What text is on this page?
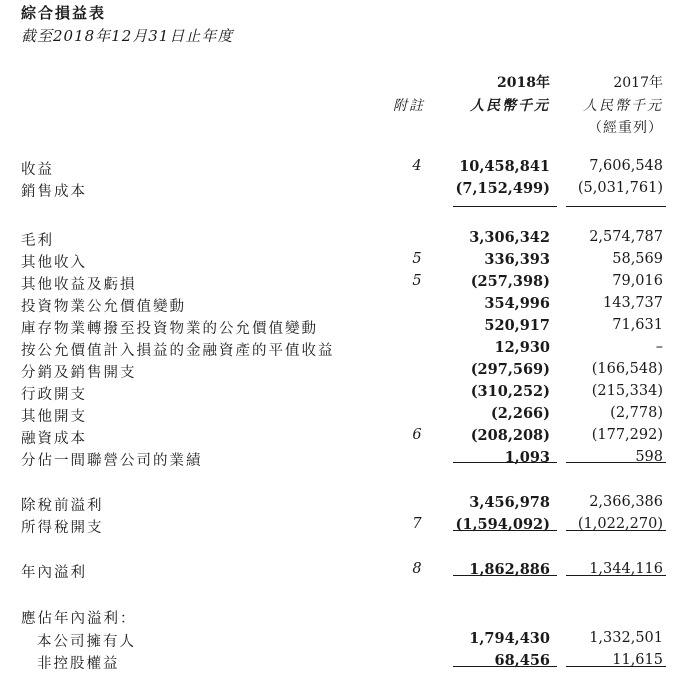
綜合損益表
截至2018年12月31日止年度
2018年	2017年
附註	人民幣千元 人民幣千元
（經重列）
收益	4	10,458,841	7,606,548
銷售成本	(7,152,499) (5,031,761)
毛利	3,306,342	2,574,787
其他收入	5	336,393	58,569
其他收益及虧損	5	(257,398)	79,016
投資物業公允價值變動	354,996	143,737
庫存物業轉撥至投資物業的公允價值變動	520,917	71,631
按公允價值計入損益的金融資產的平值收益	12,930	–
分銷及銷售開支	(297,569)	(166,548)
行政開支	(310,252)	(215,334)
其他開支	(2,266)	(2,778)
融資成本	6	(208,208)	(177,292)
分佔一間聯營公司的業績	1,093	598
除稅前溢利	3,456,978	2,366,386
所得稅開支	7 (1,594,092) (1,022,270)
年內溢利	8	1,862,886	1,344,116
應佔年內溢利：
本公司擁有人	1,794,430	1,332,501
非控股權益	68,456	11,615
